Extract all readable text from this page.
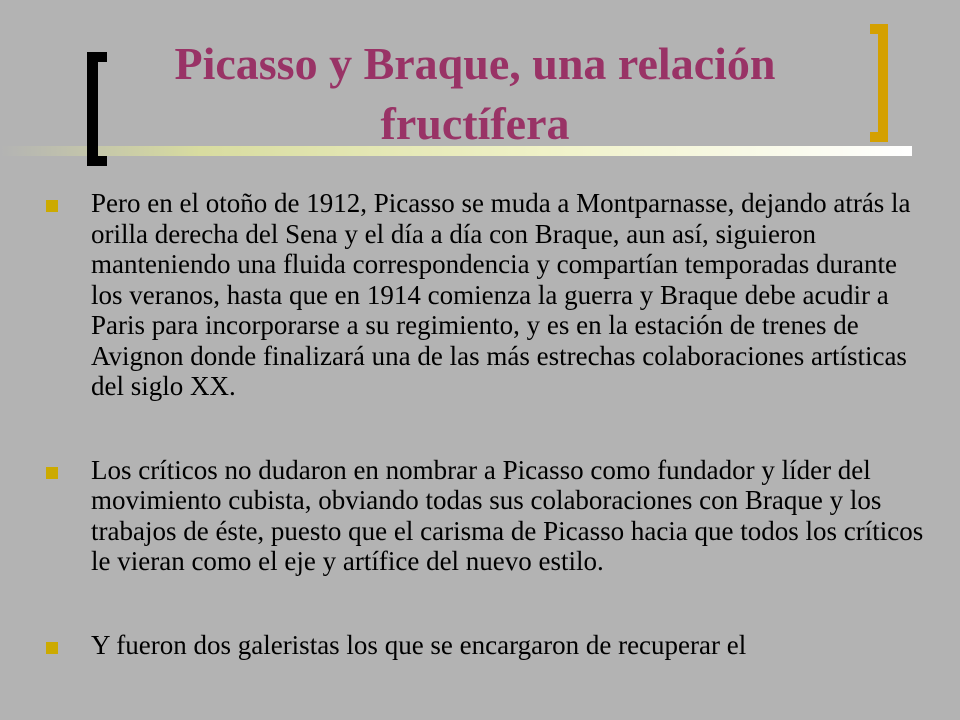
Picasso y Braque, una relación fructífera
Pero en el otoño de 1912, Picasso se muda a Montparnasse, dejando atrás la orilla derecha del Sena y el día a día con Braque, aun así, siguieron manteniendo una fluida correspondencia y compartían temporadas durante los veranos, hasta que en 1914 comienza la guerra y Braque debe acudir a Paris para incorporarse a su regimiento, y es en la estación de trenes de Avignon donde finalizará una de las más estrechas colaboraciones artísticas del siglo XX.
Los críticos no dudaron en nombrar a Picasso como fundador y líder del movimiento cubista, obviando todas sus colaboraciones con Braque y los trabajos de éste, puesto que el carisma de Picasso hacia que todos los críticos le vieran como el eje y artífice del nuevo estilo.
Y fueron dos galeristas los que se encargaron de recuperar el
